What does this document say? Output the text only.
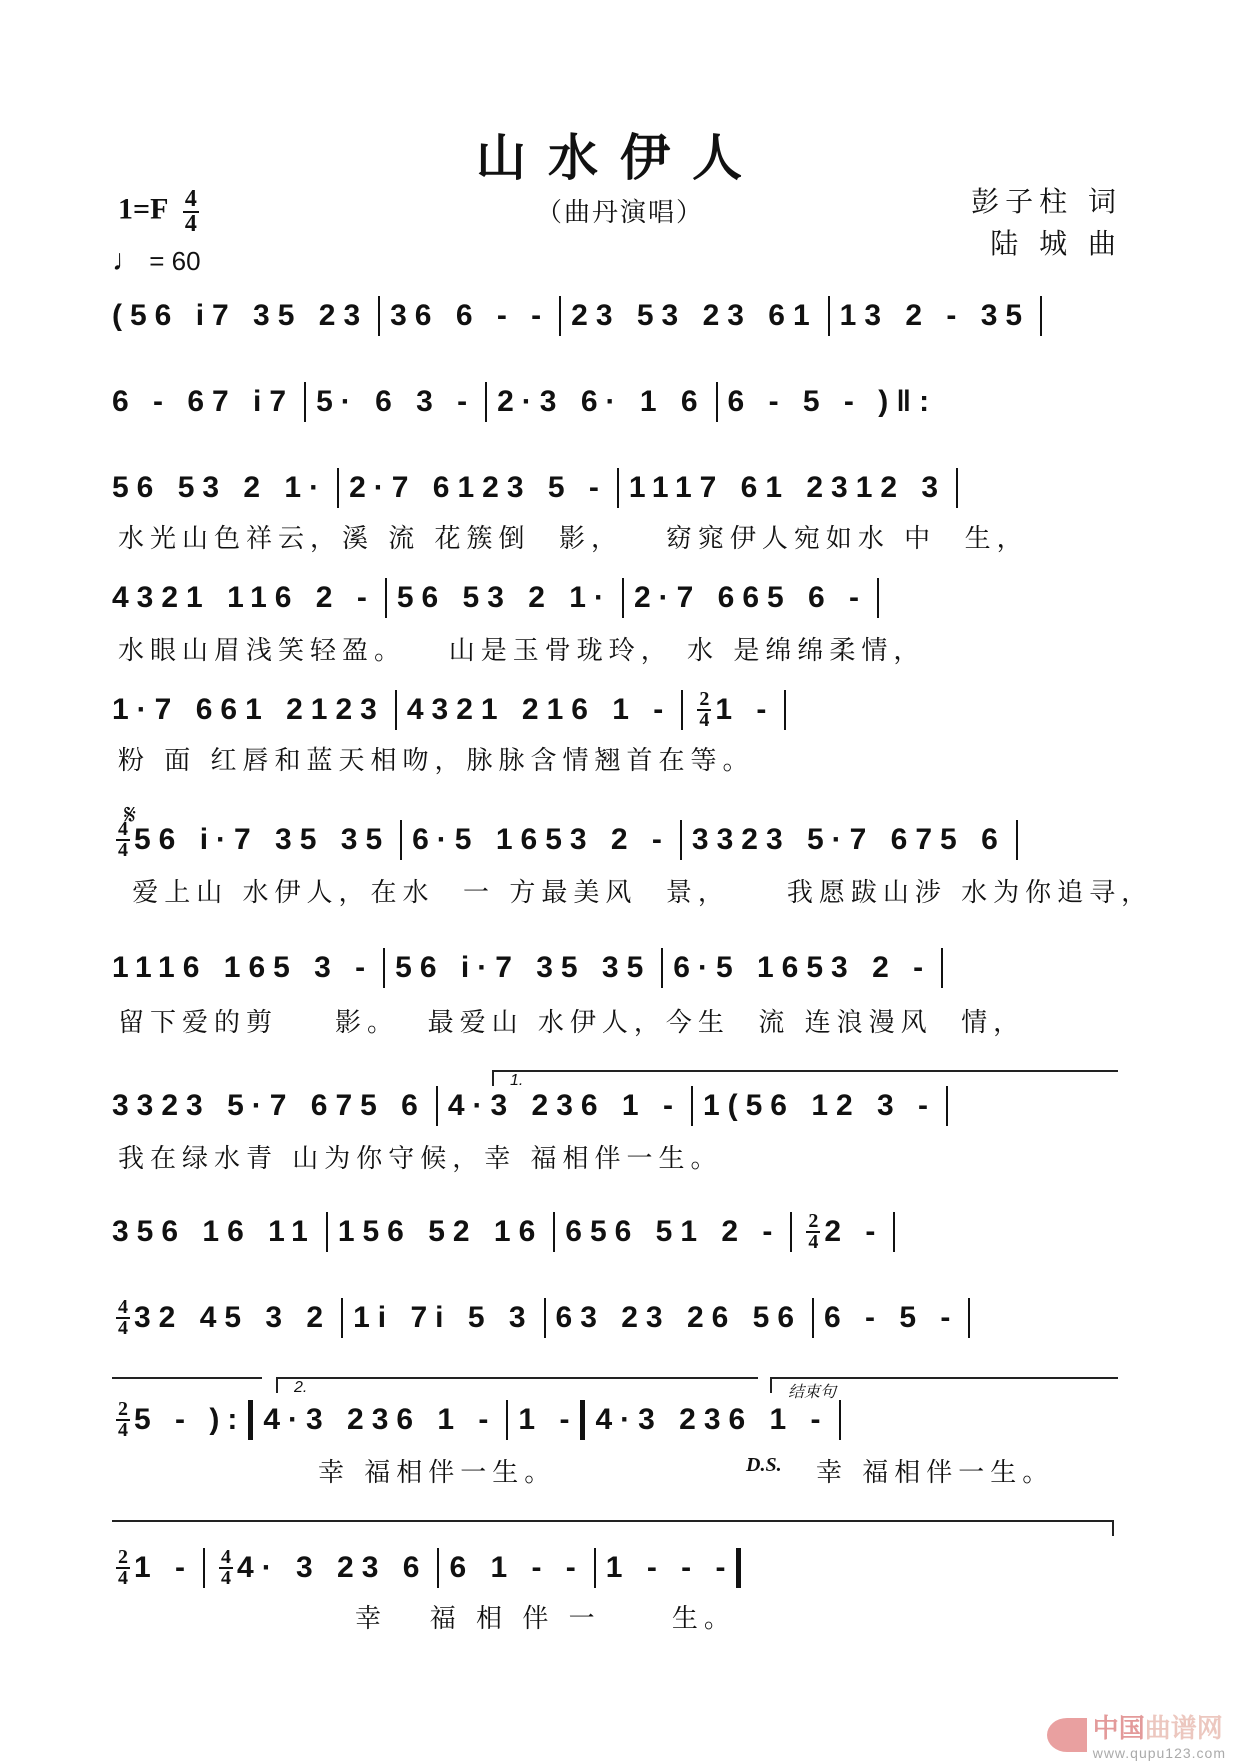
山水伊人
$1=F \frac{4}{4}$
♩ = 60
（曲丹演唱）	彭子柱 词
陆 城 曲
(56 i7 35 23 36 6 - - 23 53 23 61 13 2 - 35
6 - 67 i7 5· 6 3 - 2·3 6· 1 6 6 - 5 - ) ‖:
56 53 2 1· 2·7 6123 5 - 1117 61 2312 3
水光山色祥云，溪 流 花簇倒  影，   窈窕伊人宛如水 中  生，
4321 116 2 - 56 53 2 1· 2·7 665 6 -
水眼山眉浅笑轻盈。   山是玉骨珑玲， 水 是绵绵柔情，
1·7 661 2123 4321 216 $1 - \frac{2}{4} 1$ -
粉 面 红唇和蓝天相吻，脉脉含情翘首在等。
𝄋
$\frac{4}{4} 56$ i·7 35 35 6·5 1653 2 - 3323 5·7 675 6
爱上山 水伊人，在水  一 方最美风  景，    我愿跋山涉 水为你追寻，
1116 165 3 - 56 i·7 35 35 6·5 1653 2 -
留下爱的剪    影。  最爱山 水伊人，今生  流 连浪漫风  情，
1.
3323 5·7 675 6 4·3 236 1 - 1(56 12 3 -
我在绿水青 山为你守候，幸 福相伴一生。
356 16 11 156 52 16 656 51 $2 - \frac{2}{4} 2$ -
$\frac{4}{4} 32$ 45 3 2 1i 7i 5 3 63 23 26 56 6 - 5 -
2.	结束句
$\frac{2}{4} 5$ - ): 4·3 236 1 - 1 - 4·3 236 1 -
幸 福相伴一生。	D.S. 幸 福相伴一生。
$\frac{2}{4} 1 - \frac{4}{4} 4\cdot 3$ 23 6 6 1 - - 1 - - -
幸   福 相 伴 一     生。
中国曲谱网
www.qupu123.com
